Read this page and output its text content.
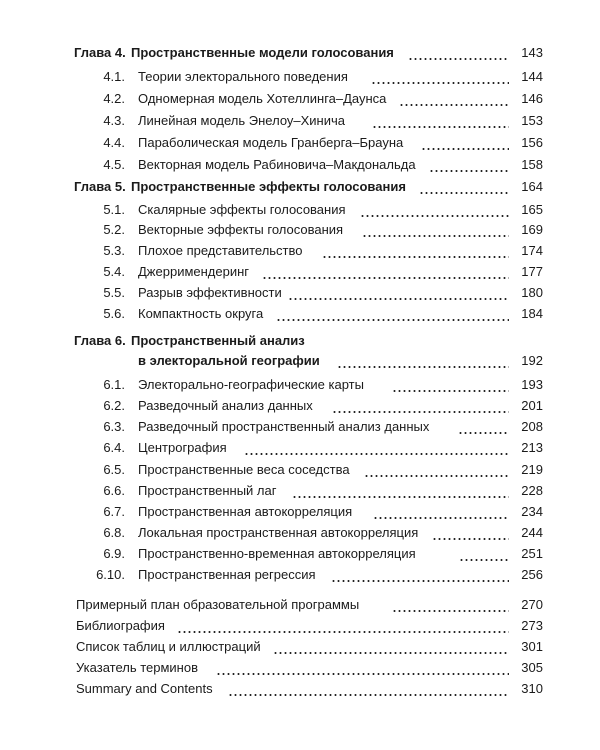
Глава 4. Пространственные модели голосования	143
4.1. Теории электорального поведения	144
4.2. Одномерная модель Хотеллинга–Даунса	146
4.3. Линейная модель Энелоу–Хинича	153
4.4. Параболическая модель Гранберга–Брауна	156
4.5. Векторная модель Рабиновича–Макдональда	158
Глава 5. Пространственные эффекты голосования	164
5.1. Скалярные эффекты голосования	165
5.2. Векторные эффекты голосования	169
5.3. Плохое представительство	174
5.4. Джерримендеринг	177
5.5. Разрыв эффективности	180
5.6. Компактность округа	184
Глава 6. Пространственный анализ
в электоральной географии	192
6.1. Электорально-географические карты	193
6.2. Разведочный анализ данных	201
6.3. Разведочный пространственный анализ данных	208
6.4. Центрография	213
6.5. Пространственные веса соседства	219
6.6. Пространственный лаг	228
6.7. Пространственная автокорреляция	234
6.8. Локальная пространственная автокорреляция	244
6.9. Пространственно-временная автокорреляция	251
6.10. Пространственная регрессия	256
Примерный план образовательной программы	270
Библиография	273
Список таблиц и иллюстраций	301
Указатель терминов	305
Summary and Contents	310
